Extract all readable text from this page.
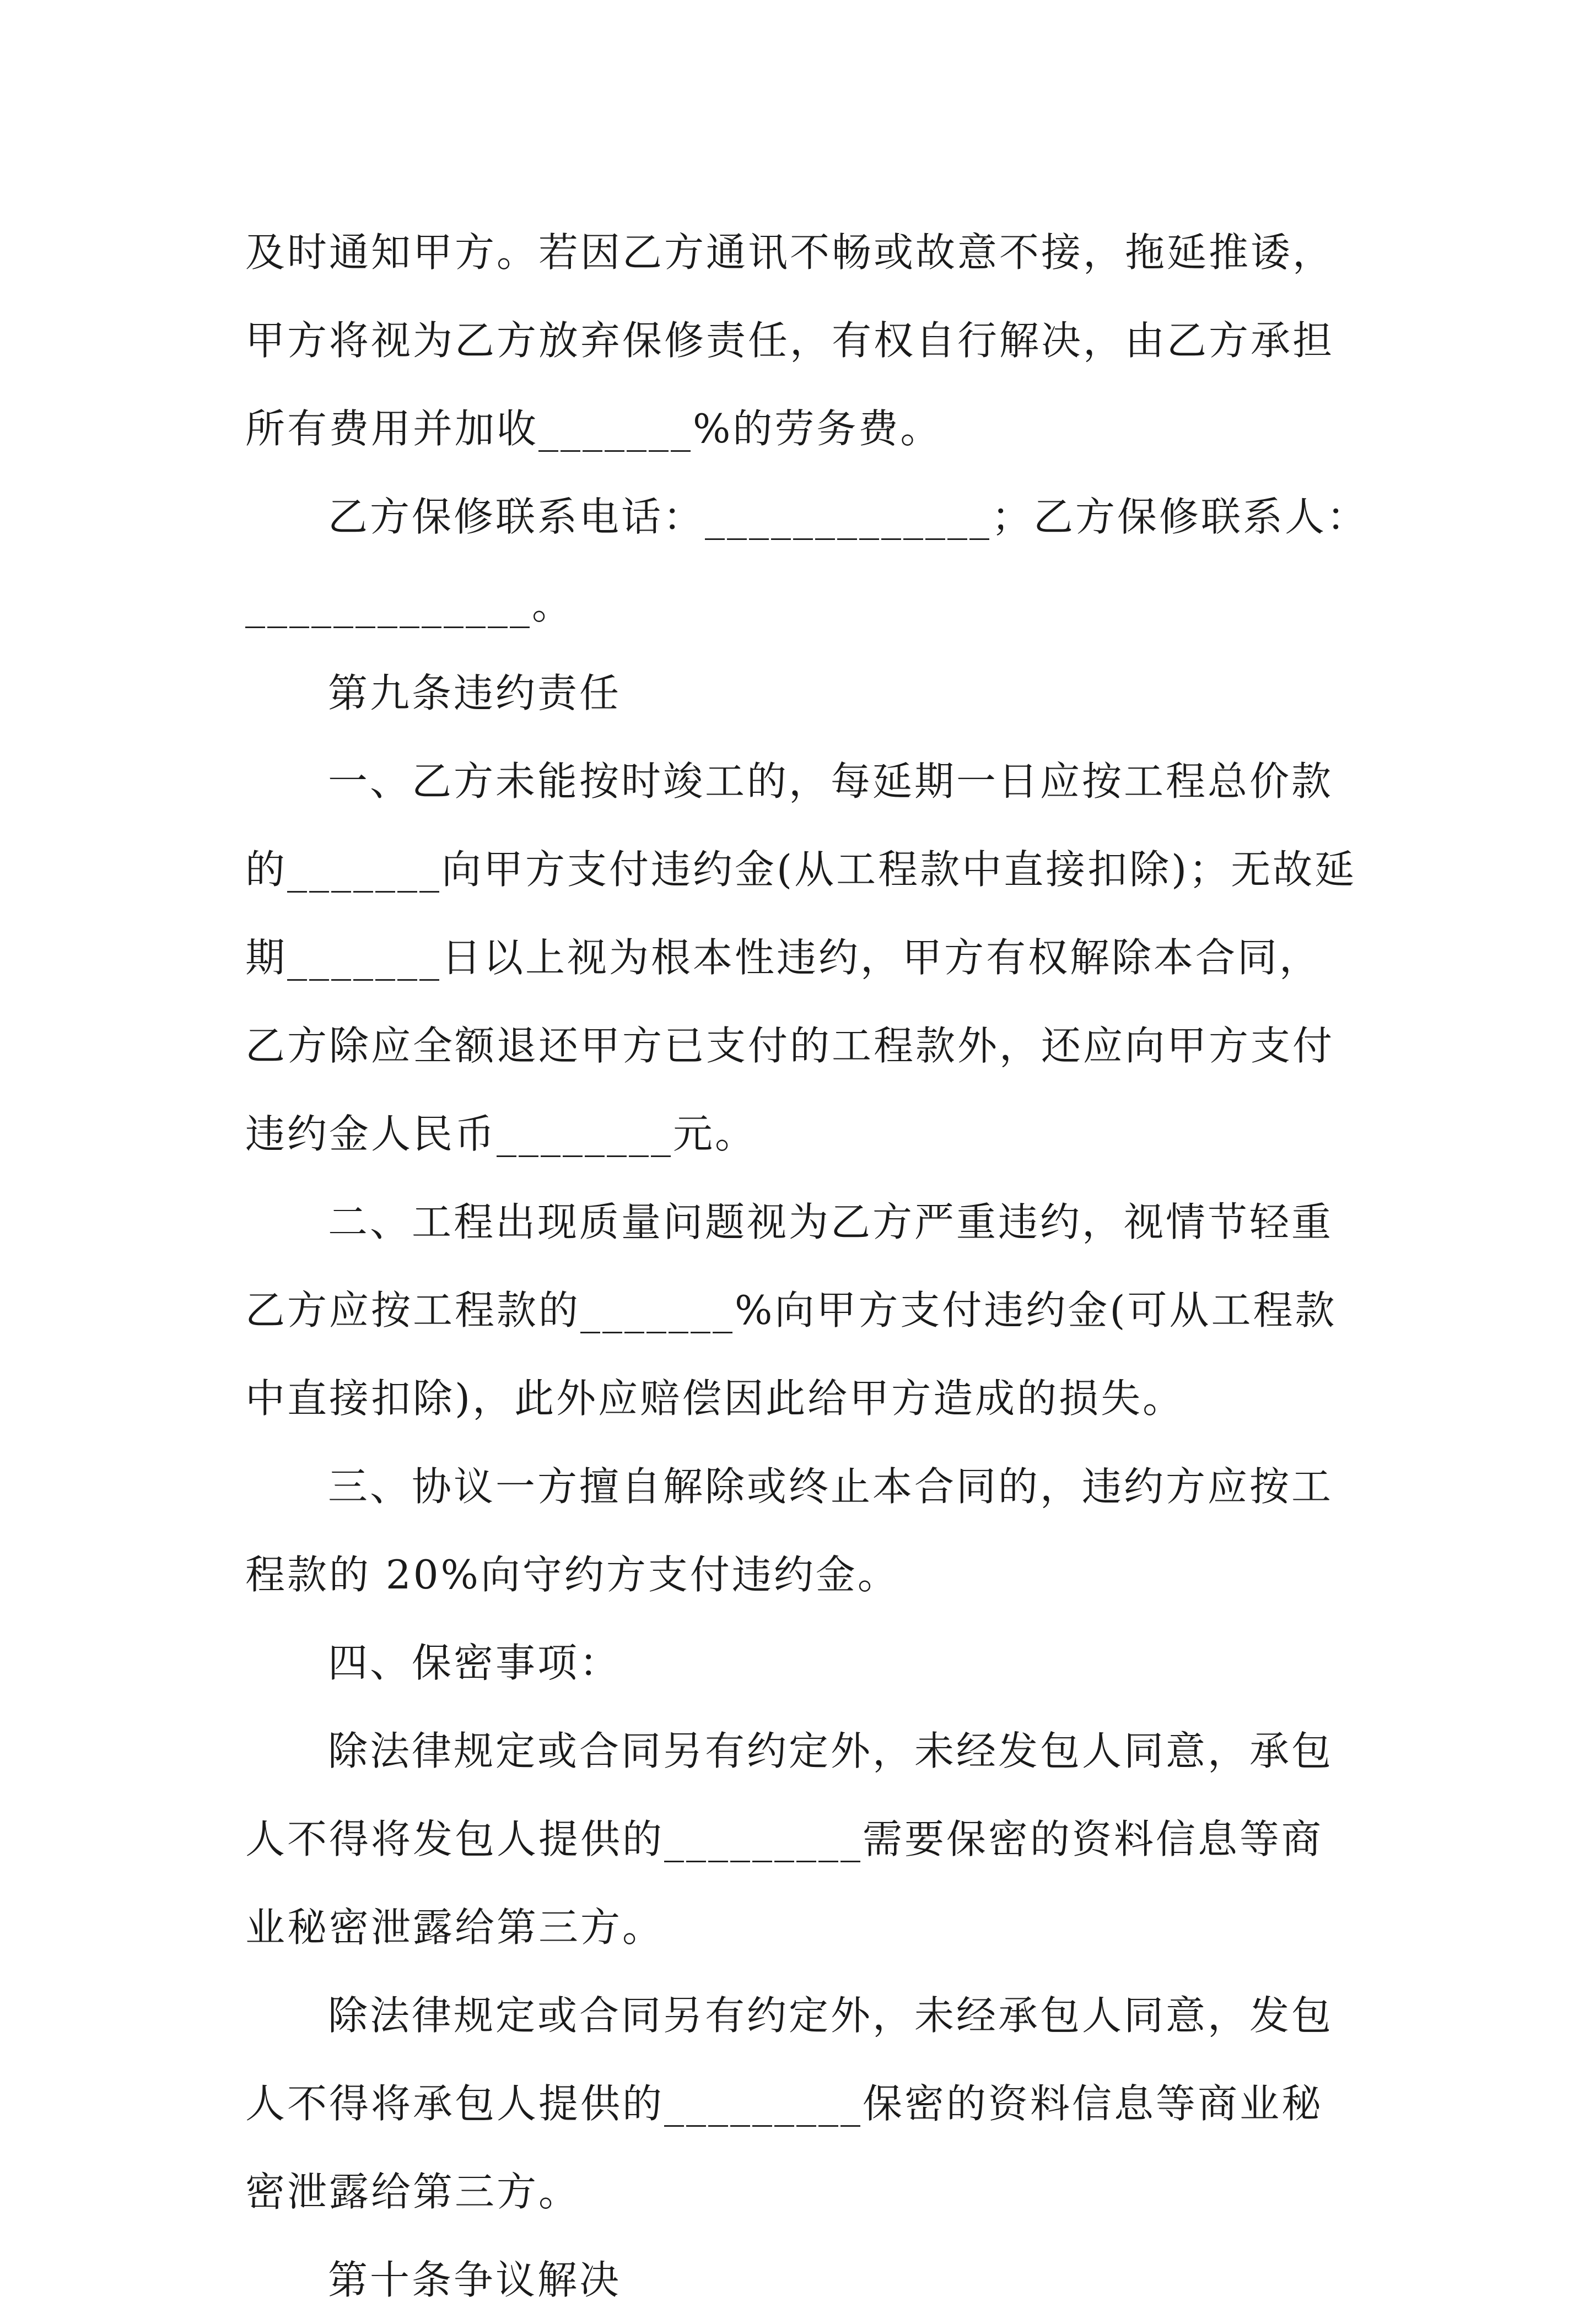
及时通知甲方。若因乙方通讯不畅或故意不接，拖延推诿，

甲方将视为乙方放弃保修责任，有权自行解决，由乙方承担

所有费用并加收_______%的劳务费。

乙方保修联系电话：_____________；乙方保修联系人：

_____________。

第九条违约责任

一、乙方未能按时竣工的，每延期一日应按工程总价款

的_______向甲方支付违约金(从工程款中直接扣除)；无故延

期_______日以上视为根本性违约，甲方有权解除本合同，

乙方除应全额退还甲方已支付的工程款外，还应向甲方支付

违约金人民币________元。

二、工程出现质量问题视为乙方严重违约，视情节轻重

乙方应按工程款的_______%向甲方支付违约金(可从工程款

中直接扣除)，此外应赔偿因此给甲方造成的损失。

三、协议一方擅自解除或终止本合同的，违约方应按工

程款的 20%向守约方支付违约金。

四、保密事项：

除法律规定或合同另有约定外，未经发包人同意，承包

人不得将发包人提供的_________需要保密的资料信息等商

业秘密泄露给第三方。

除法律规定或合同另有约定外，未经承包人同意，发包

人不得将承包人提供的_________保密的资料信息等商业秘

密泄露给第三方。

第十条争议解决
